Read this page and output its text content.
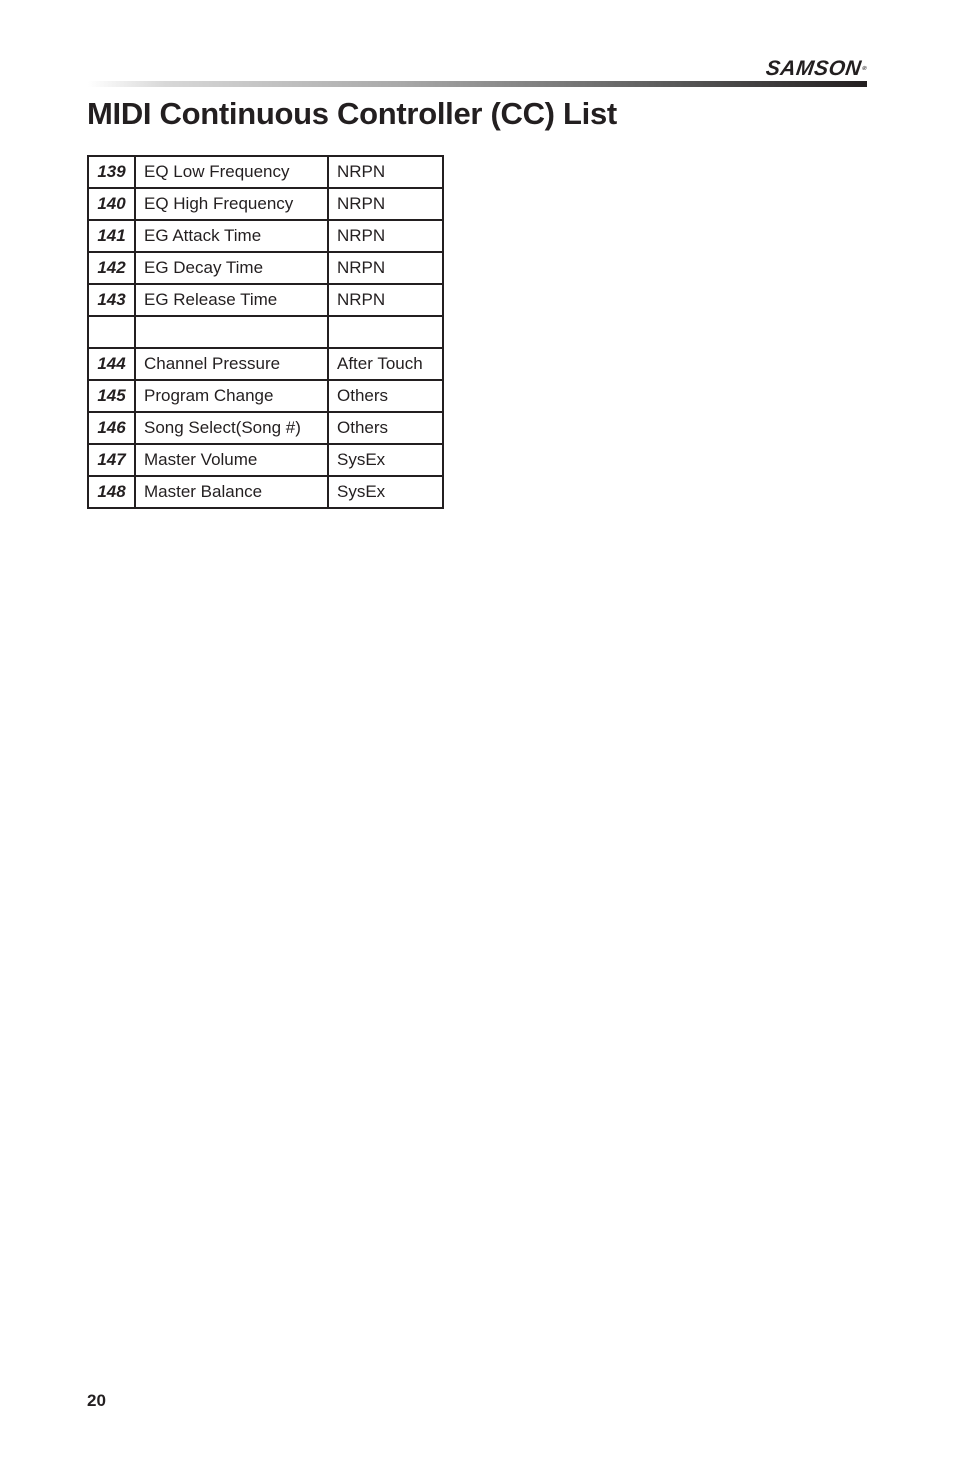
SAMSON®
MIDI Continuous Controller (CC) List
139	EQ Low Frequency	NRPN
140	EQ High Frequency	NRPN
141	EG Attack Time	NRPN
142	EG Decay Time	NRPN
143	EG Release Time	NRPN

144	Channel Pressure	After Touch
145	Program Change	Others
146	Song Select(Song #)	Others
147	Master Volume	SysEx
148	Master Balance	SysEx
20
